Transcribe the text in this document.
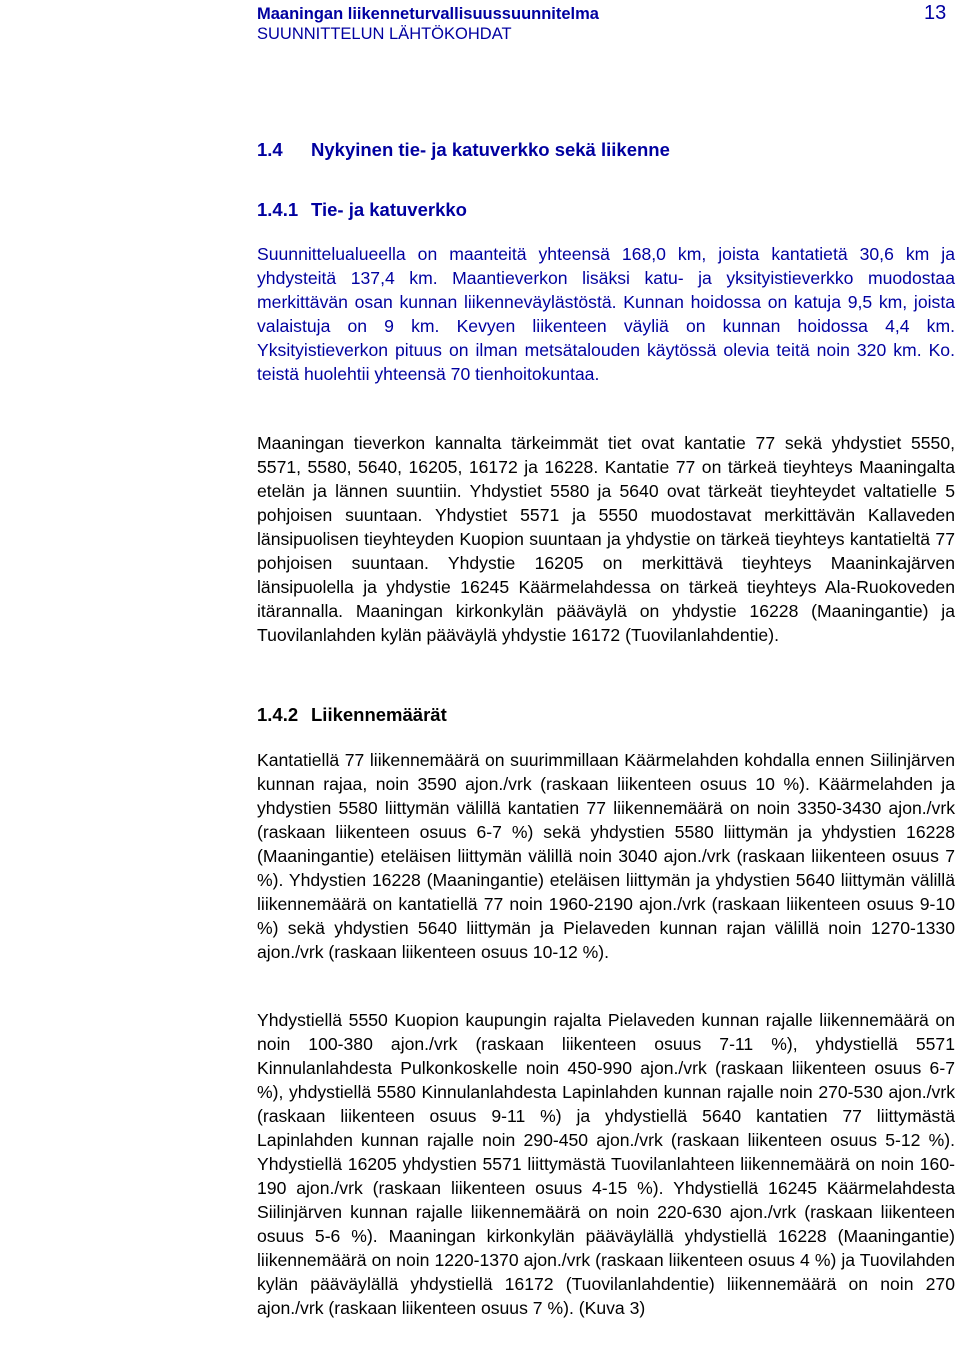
Maaningan liikenneturvallisuussuunnitelma
SUUNNITTELUN LÄHTÖKOHDAT
13
1.4 Nykyinen tie- ja katuverkko sekä liikenne
1.4.1 Tie- ja katuverkko

Suunnittelualueella on maanteitä yhteensä 168,0 km, joista kantatietä 30,6 km ja yhdysteitä 137,4 km. Maantieverkon lisäksi katu- ja yksityistieverkko muodostaa merkittävän osan kunnan liikenneväylästöstä. Kunnan hoidossa on katuja 9,5 km, joista valaistuja on 9 km. Kevyen liikenteen väyliä on kunnan hoidossa 4,4 km. Yksityistieverkon pituus on ilman metsätalouden käytössä olevia teitä noin 320 km. Ko. teistä huolehtii yhteensä 70 tienhoitokuntaa.

Maaningan tieverkon kannalta tärkeimmät tiet ovat kantatie 77 sekä yhdystiet 5550, 5571, 5580, 5640, 16205, 16172 ja 16228. Kantatie 77 on tärkeä tieyhteys Maaningalta etelän ja lännen suuntiin. Yhdystiet 5580 ja 5640 ovat tärkeät tieyhteydet valtatielle 5 pohjoisen suuntaan. Yhdystiet 5571 ja 5550 muodostavat merkittävän Kallaveden länsipuolisen tieyhteyden Kuopion suuntaan ja yhdystie on tärkeä tieyhteys kantatieltä 77 pohjoisen suuntaan. Yhdystie 16205 on merkittävä tieyhteys Maaninkajärven länsipuolella ja yhdystie 16245 Käärmelahdessa on tärkeä tieyhteys Ala-Ruokoveden itärannalla. Maaningan kirkonkylän pääväylä on yhdystie 16228 (Maaningantie) ja Tuovilanlahden kylän pääväylä yhdystie 16172 (Tuovilanlahdentie).

1.4.2 Liikennemäärät

Kantatiellä 77 liikennemäärä on suurimmillaan Käärmelahden kohdalla ennen Siilinjärven kunnan rajaa, noin 3590 ajon./vrk (raskaan liikenteen osuus 10 %). Käärmelahden ja yhdystien 5580 liittymän välillä kantatien 77 liikennemäärä on noin 3350-3430 ajon./vrk (raskaan liikenteen osuus 6-7 %) sekä yhdystien 5580 liittymän ja yhdystien 16228 (Maaningantie) eteläisen liittymän välillä noin 3040 ajon./vrk (raskaan liikenteen osuus 7 %). Yhdystien 16228 (Maaningantie) eteläisen liittymän ja yhdystien 5640 liittymän välillä liikennemäärä on kantatiellä 77 noin 1960-2190 ajon./vrk (raskaan liikenteen osuus 9-10 %) sekä yhdystien 5640 liittymän ja Pielaveden kunnan rajan välillä noin 1270-1330 ajon./vrk (raskaan liikenteen osuus 10-12 %).

Yhdystiellä 5550 Kuopion kaupungin rajalta Pielaveden kunnan rajalle liikennemäärä on noin 100-380 ajon./vrk (raskaan liikenteen osuus 7-11 %), yhdystiellä 5571 Kinnulanlahdesta Pulkonkoskelle noin 450-990 ajon./vrk (raskaan liikenteen osuus 6-7 %), yhdystiellä 5580 Kinnulanlahdesta Lapinlahden kunnan rajalle noin 270-530 ajon./vrk (raskaan liikenteen osuus 9-11 %) ja yhdystiellä 5640 kantatien 77 liittymästä Lapinlahden kunnan rajalle noin 290-450 ajon./vrk (raskaan liikenteen osuus 5-12 %). Yhdystiellä 16205 yhdystien 5571 liittymästä Tuovilanlahteen liikennemäärä on noin 160-190 ajon./vrk (raskaan liikenteen osuus 4-15 %). Yhdystiellä 16245 Käärmelahdesta Siilinjärven kunnan rajalle liikennemäärä on noin 220-630 ajon./vrk (raskaan liikenteen osuus 5-6 %). Maaningan kirkonkylän pääväylällä yhdystiellä 16228 (Maaningantie) liikennemäärä on noin 1220-1370 ajon./vrk (raskaan liikenteen osuus 4 %) ja Tuovilahden kylän pääväylällä yhdystiellä 16172 (Tuovilanlahdentie) liikennemäärä on noin 270 ajon./vrk (raskaan liikenteen osuus 7 %). (Kuva 3)
